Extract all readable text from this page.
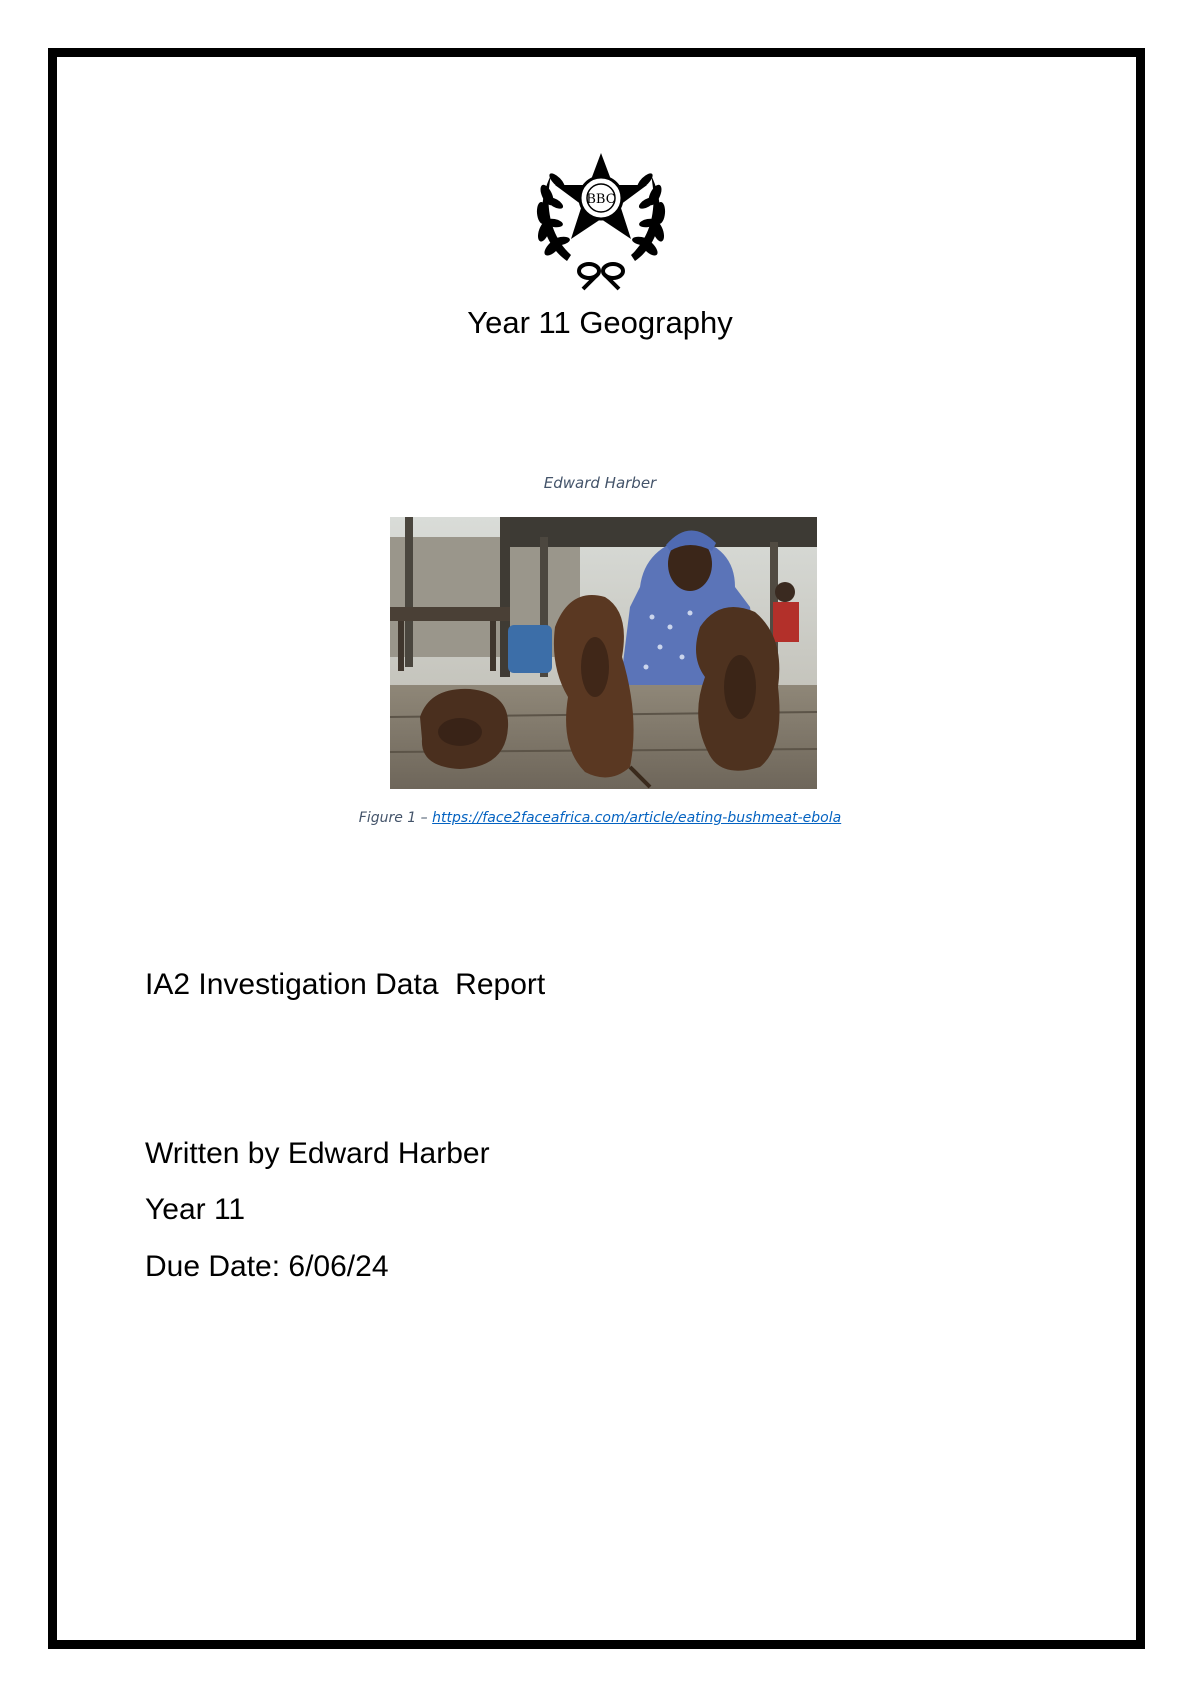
BBC
Year 11 Geography
Edward Harber
Figure 1 – https://face2faceafrica.com/article/eating-bushmeat-ebola
IA2 Investigation Data  Report
Written by Edward Harber
Year 11
Due Date: 6/06/24
